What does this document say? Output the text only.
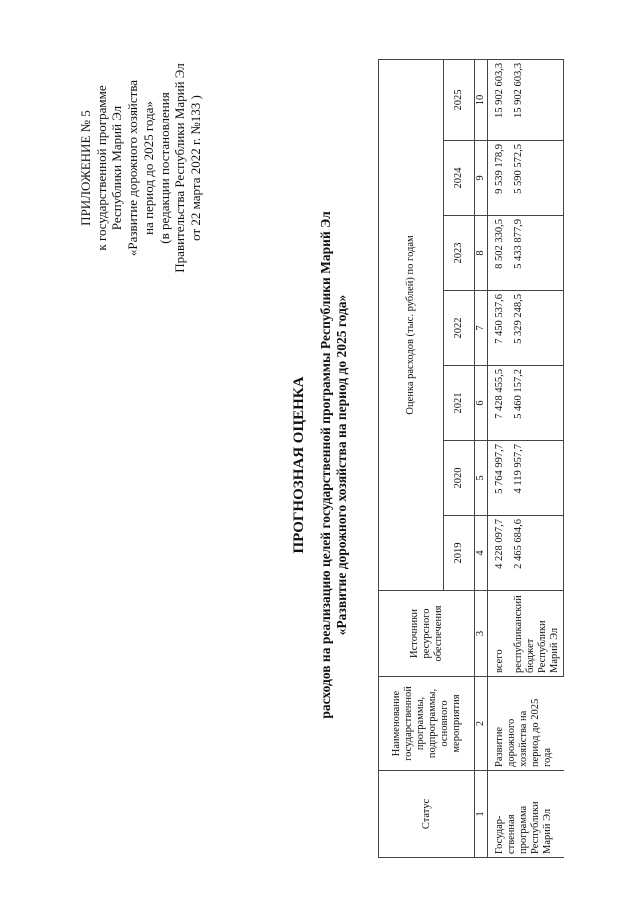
ПРИЛОЖЕНИЕ № 5 к государственной программе Республики Марий Эл «Развитие дорожного хозяйства на период до 2025 года» (в редакции постановления Правительства Республики Марий Эл от 22 марта 2022 г. №133 )
ПРОГНОЗНАЯ ОЦЕНКА расходов на реализацию целей государственной программы Республики Марий Эл «Развитие дорожного хозяйства на период до 2025 года»
Статус	Наименование государственной программы, подпрограммы, основного мероприятия	Источники ресурсного обеспечения	Оценка расходов (тыс. рублей) по годам						
			2019	2020	2021	2022	2023	2024	2025
1	2	3	4	5	6	7	8	9	10
Государ- ственная программа Республики Марий Эл	Развитие дорожного хозяйства на период до 2025 года	всего	4 228 097,7	5 764 997,7	7 428 455,5	7 450 537,6	8 502 330,5	9 539 178,9	15 902 603,3
		республиканский бюджет Республики Марий Эл	2 465 684,6	4 119 957,7	5 460 157,2	5 329 248,5	5 433 877,9	5 590 572,5	15 902 603,3
